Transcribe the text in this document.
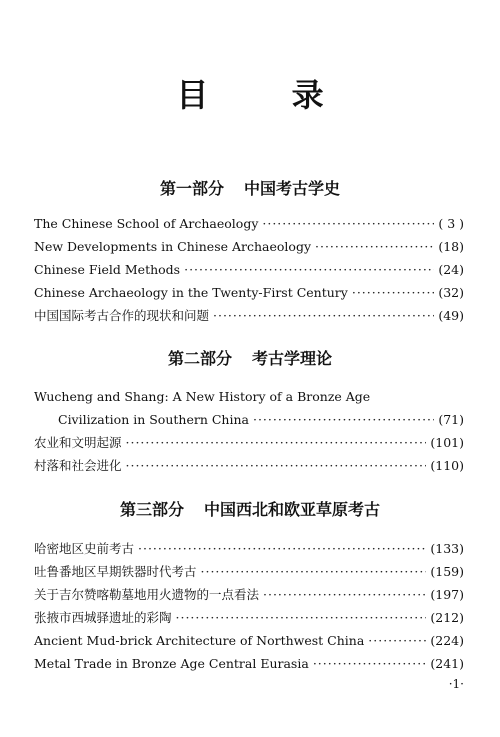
目 录
第一部分 中国考古学史
The Chinese School of Archaeology ·····	( 3 )
New Developments in Chinese Archaeology ·····	(18)
Chinese Field Methods ·····	(24)
Chinese Archaeology in the Twenty-First Century ·····	(32)
中国国际考古合作的现状和问题 ·····	(49)
第二部分 考古学理论
Wucheng and Shang: A New History of a Bronze Age
Civilization in Southern China ·····	(71)
农业和文明起源 ·····	(101)
村落和社会进化 ·····	(110)
第三部分 中国西北和欧亚草原考古
哈密地区史前考古 ·····	(133)
吐鲁番地区早期铁器时代考古 ·····	(159)
关于吉尔赞喀勒墓地用火遗物的一点看法 ·····	(197)
张掖市西城驿遗址的彩陶 ·····	(212)
Ancient Mud-brick Architecture of Northwest China ·····	(224)
Metal Trade in Bronze Age Central Eurasia ·····	(241)
·1·
